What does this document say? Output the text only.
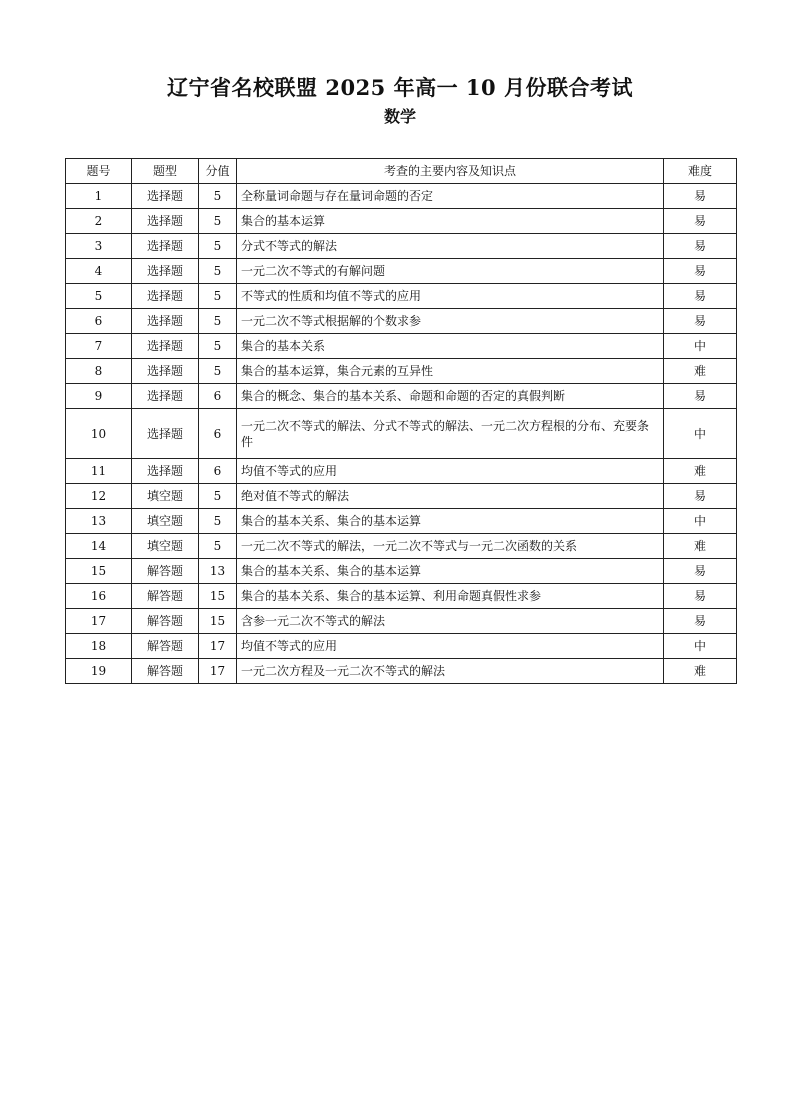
辽宁省名校联盟 2025 年高一 10 月份联合考试
数学
题号	题型	分值	考查的主要内容及知识点	难度
1	选择题	5	全称量词命题与存在量词命题的否定	易
2	选择题	5	集合的基本运算	易
3	选择题	5	分式不等式的解法	易
4	选择题	5	一元二次不等式的有解问题	易
5	选择题	5	不等式的性质和均值不等式的应用	易
6	选择题	5	一元二次不等式根据解的个数求参	易
7	选择题	5	集合的基本关系	中
8	选择题	5	集合的基本运算，集合元素的互异性	难
9	选择题	6	集合的概念、集合的基本关系、命题和命题的否定的真假判断	易
10	选择题	6	一元二次不等式的解法、分式不等式的解法、一元二次方程根的分布、充要条件	中
11	选择题	6	均值不等式的应用	难
12	填空题	5	绝对值不等式的解法	易
13	填空题	5	集合的基本关系、集合的基本运算	中
14	填空题	5	一元二次不等式的解法，一元二次不等式与一元二次函数的关系	难
15	解答题	13	集合的基本关系、集合的基本运算	易
16	解答题	15	集合的基本关系、集合的基本运算、利用命题真假性求参	易
17	解答题	15	含参一元二次不等式的解法	易
18	解答题	17	均值不等式的应用	中
19	解答题	17	一元二次方程及一元二次不等式的解法	难
